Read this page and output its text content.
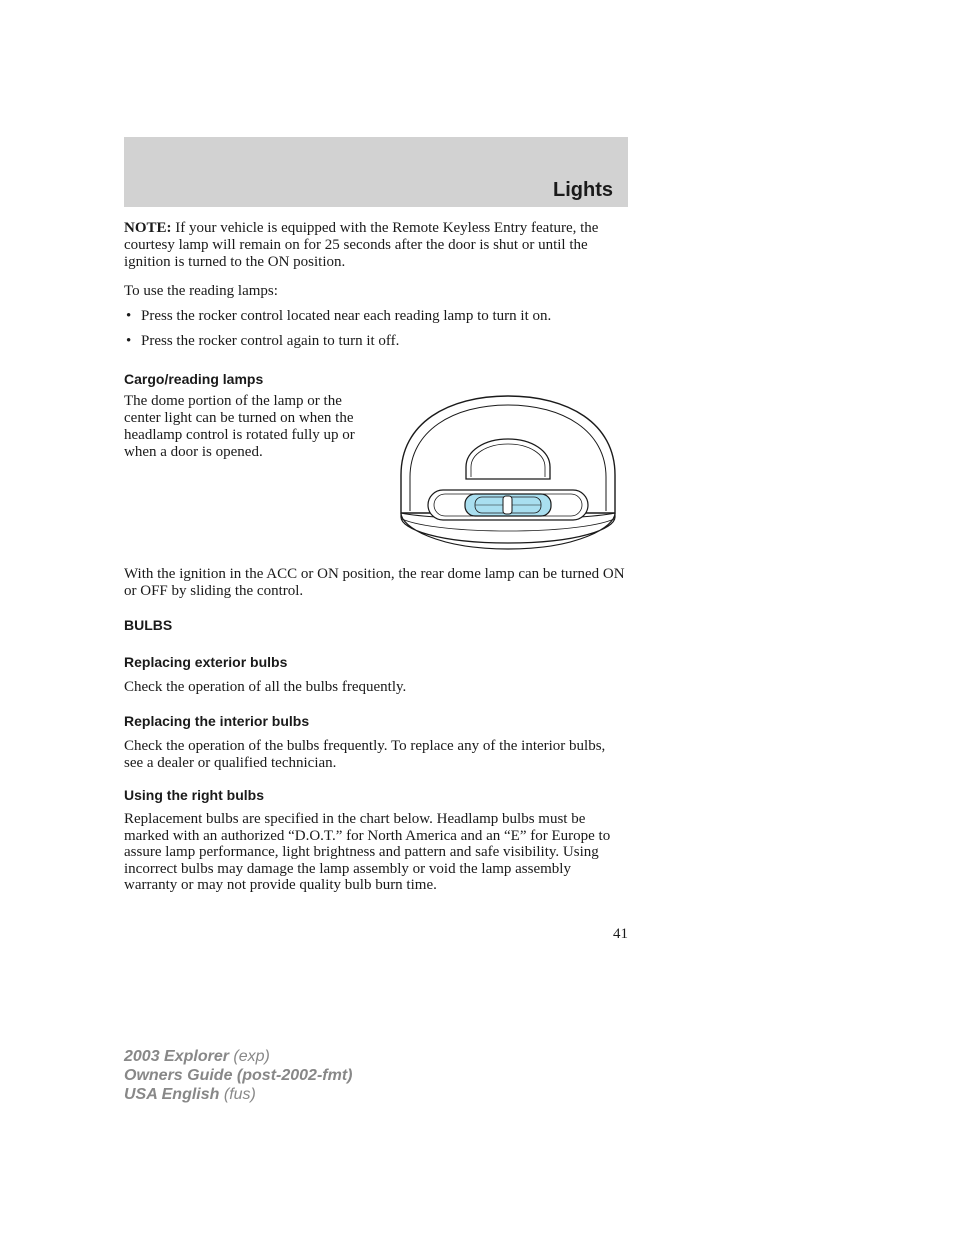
Lights

NOTE: If your vehicle is equipped with the Remote Keyless Entry feature, the courtesy lamp will remain on for 25 seconds after the door is shut or until the ignition is turned to the ON position.

To use the reading lamps:

• Press the rocker control located near each reading lamp to turn it on.
• Press the rocker control again to turn it off.
Cargo/reading lamps

The dome portion of the lamp or the center light can be turned on when the headlamp control is rotated fully up or when a door is opened.

With the ignition in the ACC or ON position, the rear dome lamp can be turned ON or OFF by sliding the control.

BULBS
Replacing exterior bulbs

Check the operation of all the bulbs frequently.

Replacing the interior bulbs

Check the operation of the bulbs frequently. To replace any of the interior bulbs, see a dealer or qualified technician.

Using the right bulbs

Replacement bulbs are specified in the chart below. Headlamp bulbs must be marked with an authorized “D.O.T.” for North America and an “E” for Europe to assure lamp performance, light brightness and pattern and safe visibility. Using incorrect bulbs may damage the lamp assembly or void the lamp assembly warranty or may not provide quality bulb burn time.

41
2003 Explorer (exp)
Owners Guide (post-2002-fmt)
USA English (fus)
